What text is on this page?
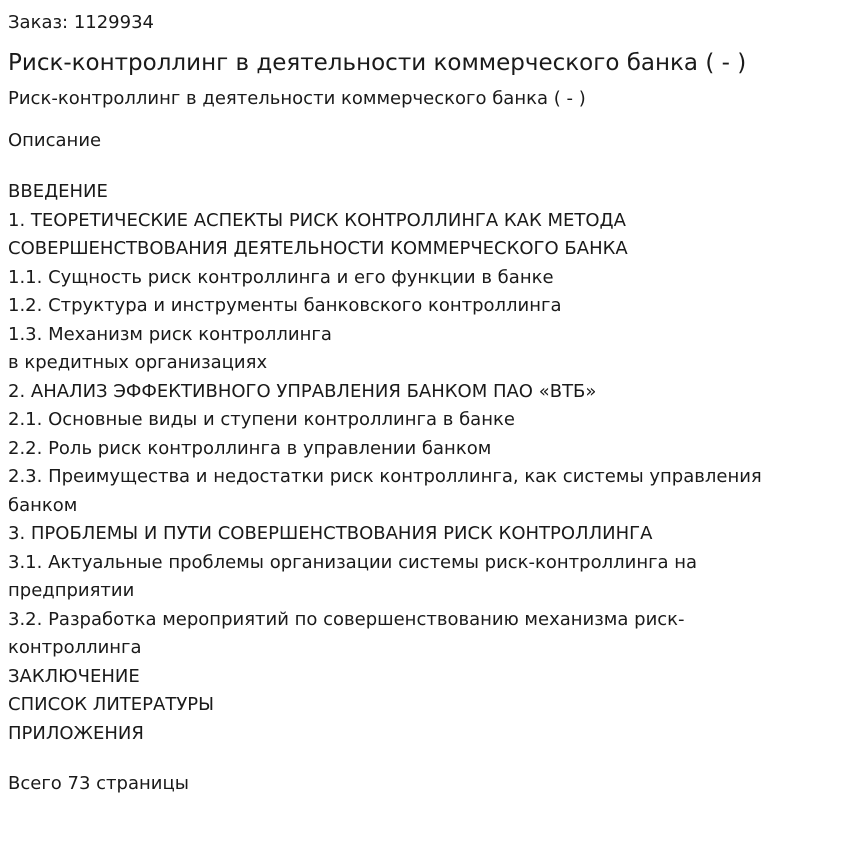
Заказ: 1129934
Риск-контроллинг в деятельности коммерческого банка ( - )
Риск-контроллинг в деятельности коммерческого банка ( - )
Описание
ВВЕДЕНИЕ
1. ТЕОРЕТИЧЕСКИЕ АСПЕКТЫ РИСК КОНТРОЛЛИНГА КАК МЕТОДА
СОВЕРШЕНСТВОВАНИЯ ДЕЯТЕЛЬНОСТИ КОММЕРЧЕСКОГО БАНКА
1.1. Сущность риск контроллинга и его функции в банке
1.2. Структура и инструменты банковского контроллинга
1.3. Механизм риск контроллинга
в кредитных организациях
2. АНАЛИЗ ЭФФЕКТИВНОГО УПРАВЛЕНИЯ БАНКОМ ПАО «ВТБ»
2.1. Основные виды и ступени контроллинга в банке
2.2. Роль риск контроллинга в управлении банком
2.3. Преимущества и недостатки риск контроллинга, как системы управления
банком
3. ПРОБЛЕМЫ И ПУТИ СОВЕРШЕНСТВОВАНИЯ РИСК КОНТРОЛЛИНГА
3.1. Актуальные проблемы организации системы риск-контроллинга на
предприятии
3.2. Разработка мероприятий по совершенствованию механизма риск-
контроллинга
ЗАКЛЮЧЕНИЕ
СПИСОК ЛИТЕРАТУРЫ
ПРИЛОЖЕНИЯ
Всего 73 страницы
